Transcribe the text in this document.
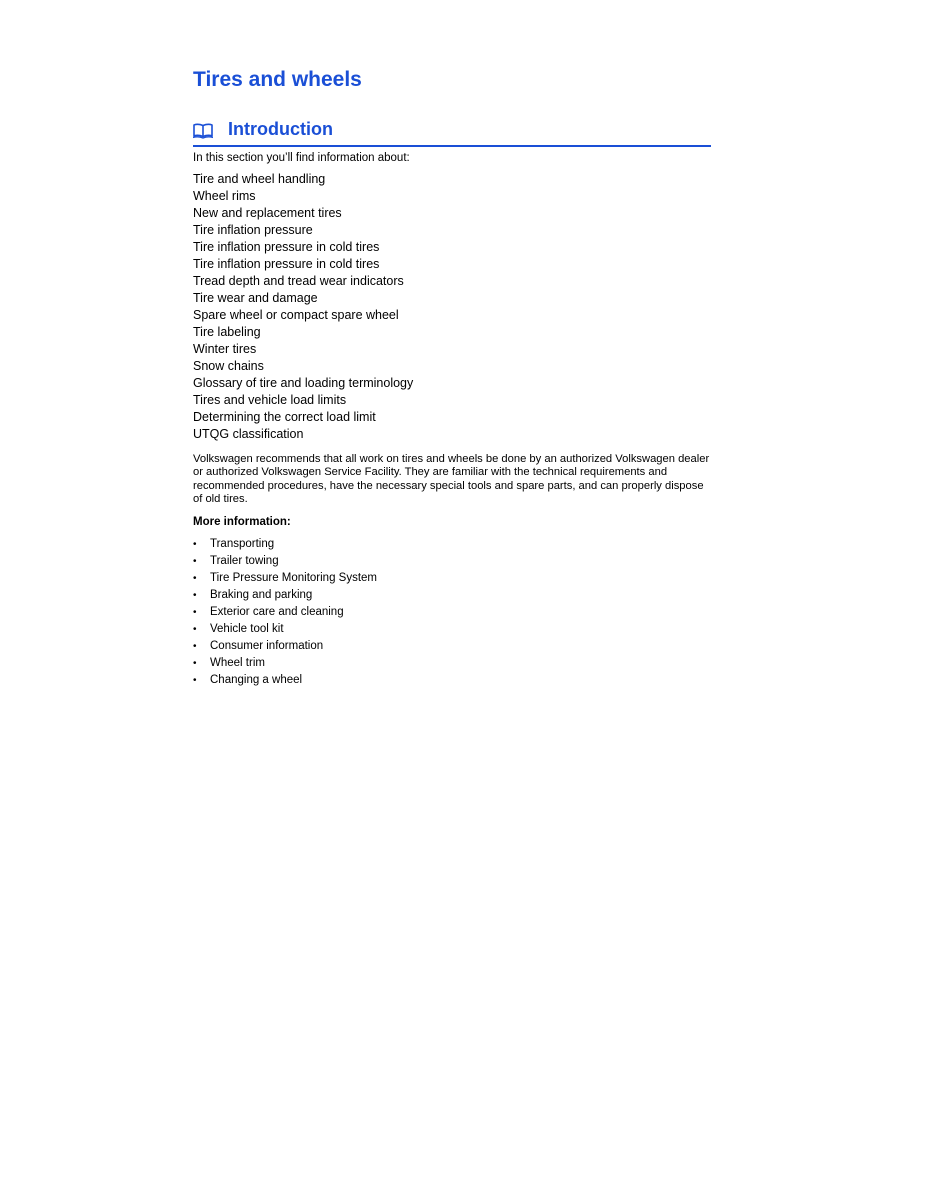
Tires and wheels
Introduction

In this section you’ll find information about:

Tire and wheel handling
Wheel rims
New and replacement tires
Tire inflation pressure
Tire inflation pressure in cold tires
Tire inflation pressure in cold tires
Tread depth and tread wear indicators
Tire wear and damage
Spare wheel or compact spare wheel
Tire labeling
Winter tires
Snow chains
Glossary of tire and loading terminology
Tires and vehicle load limits
Determining the correct load limit
UTQG classification

Volkswagen recommends that all work on tires and wheels be done by an authorized Volkswagen dealer or authorized Volkswagen Service Facility. They are familiar with the technical requirements and recommended procedures, have the necessary special tools and spare parts, and can properly dispose of old tires.

More information:

• Transporting
• Trailer towing
• Tire Pressure Monitoring System
• Braking and parking
• Exterior care and cleaning
• Vehicle tool kit
• Consumer information
• Wheel trim
• Changing a wheel
